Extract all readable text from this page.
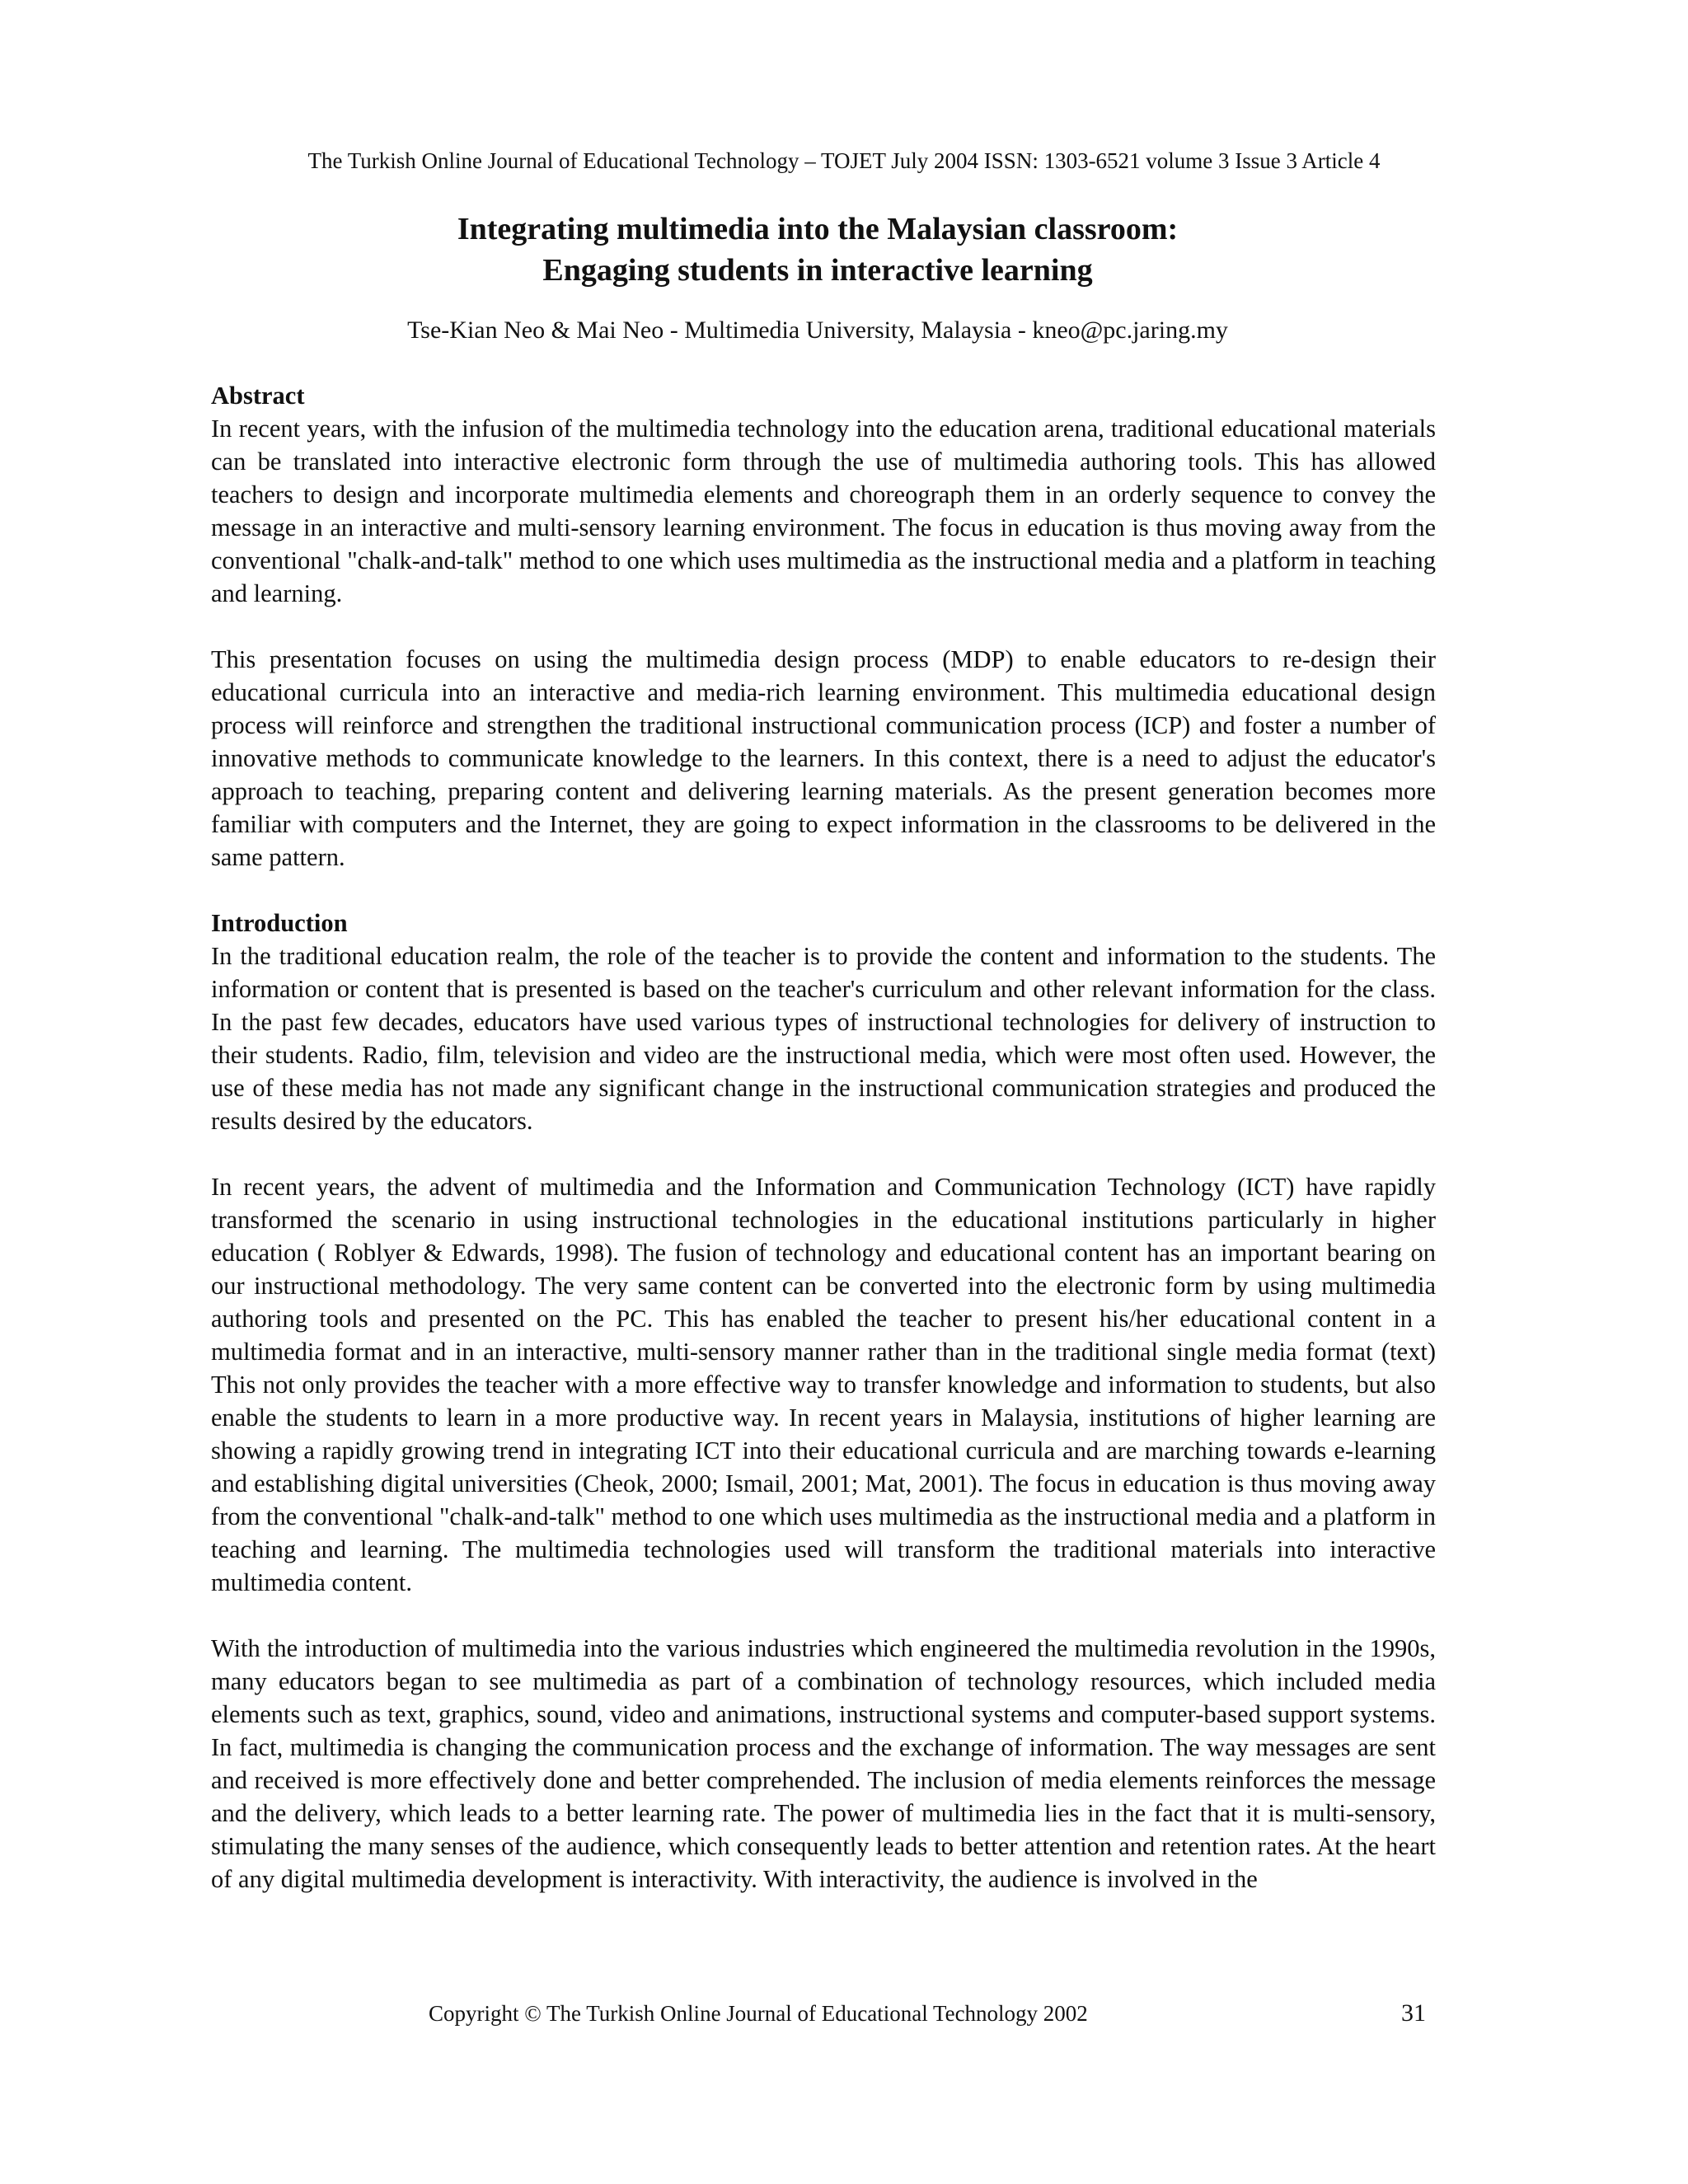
The Turkish Online Journal of Educational Technology – TOJET July 2004 ISSN: 1303-6521 volume 3 Issue 3 Article 4
Integrating multimedia into the Malaysian classroom:
Engaging students in interactive learning
Tse-Kian Neo & Mai Neo - Multimedia University, Malaysia - kneo@pc.jaring.my
Abstract

In recent years, with the infusion of the multimedia technology into the education arena, traditional educational materials can be translated into interactive electronic form through the use of multimedia authoring tools. This has allowed teachers to design and incorporate multimedia elements and choreograph them in an orderly sequence to convey the message in an interactive and multi-sensory learning environment. The focus in education is thus moving away from the conventional "chalk-and-talk" method to one which uses multimedia as the instructional media and a platform in teaching and learning.

This presentation focuses on using the multimedia design process (MDP) to enable educators to re-design their educational curricula into an interactive and media-rich learning environment. This multimedia educational design process will reinforce and strengthen the traditional instructional communication process (ICP) and foster a number of innovative methods to communicate knowledge to the learners. In this context, there is a need to adjust the educator's approach to teaching, preparing content and delivering learning materials. As the present generation becomes more familiar with computers and the Internet, they are going to expect information in the classrooms to be delivered in the same pattern.

Introduction

In the traditional education realm, the role of the teacher is to provide the content and information to the students. The information or content that is presented is based on the teacher's curriculum and other relevant information for the class. In the past few decades, educators have used various types of instructional technologies for delivery of instruction to their students. Radio, film, television and video are the instructional media, which were most often used. However, the use of these media has not made any significant change in the instructional communication strategies and produced the results desired by the educators.

In recent years, the advent of multimedia and the Information and Communication Technology (ICT) have rapidly transformed the scenario in using instructional technologies in the educational institutions particularly in higher education ( Roblyer & Edwards, 1998). The fusion of technology and educational content has an important bearing on our instructional methodology. The very same content can be converted into the electronic form by using multimedia authoring tools and presented on the PC. This has enabled the teacher to present his/her educational content in a multimedia format and in an interactive, multi-sensory manner rather than in the traditional single media format (text) This not only provides the teacher with a more effective way to transfer knowledge and information to students, but also enable the students to learn in a more productive way. In recent years in Malaysia, institutions of higher learning are showing a rapidly growing trend in integrating ICT into their educational curricula and are marching towards e-learning and establishing digital universities (Cheok, 2000; Ismail, 2001; Mat, 2001). The focus in education is thus moving away from the conventional "chalk-and-talk" method to one which uses multimedia as the instructional media and a platform in teaching and learning. The multimedia technologies used will transform the traditional materials into interactive multimedia content.

With the introduction of multimedia into the various industries which engineered the multimedia revolution in the 1990s, many educators began to see multimedia as part of a combination of technology resources, which included media elements such as text, graphics, sound, video and animations, instructional systems and computer-based support systems. In fact, multimedia is changing the communication process and the exchange of information. The way messages are sent and received is more effectively done and better comprehended. The inclusion of media elements reinforces the message and the delivery, which leads to a better learning rate. The power of multimedia lies in the fact that it is multi-sensory, stimulating the many senses of the audience, which consequently leads to better attention and retention rates. At the heart of any digital multimedia development is interactivity. With interactivity, the audience is involved in the

Copyright © The Turkish Online Journal of Educational Technology 2002	31
